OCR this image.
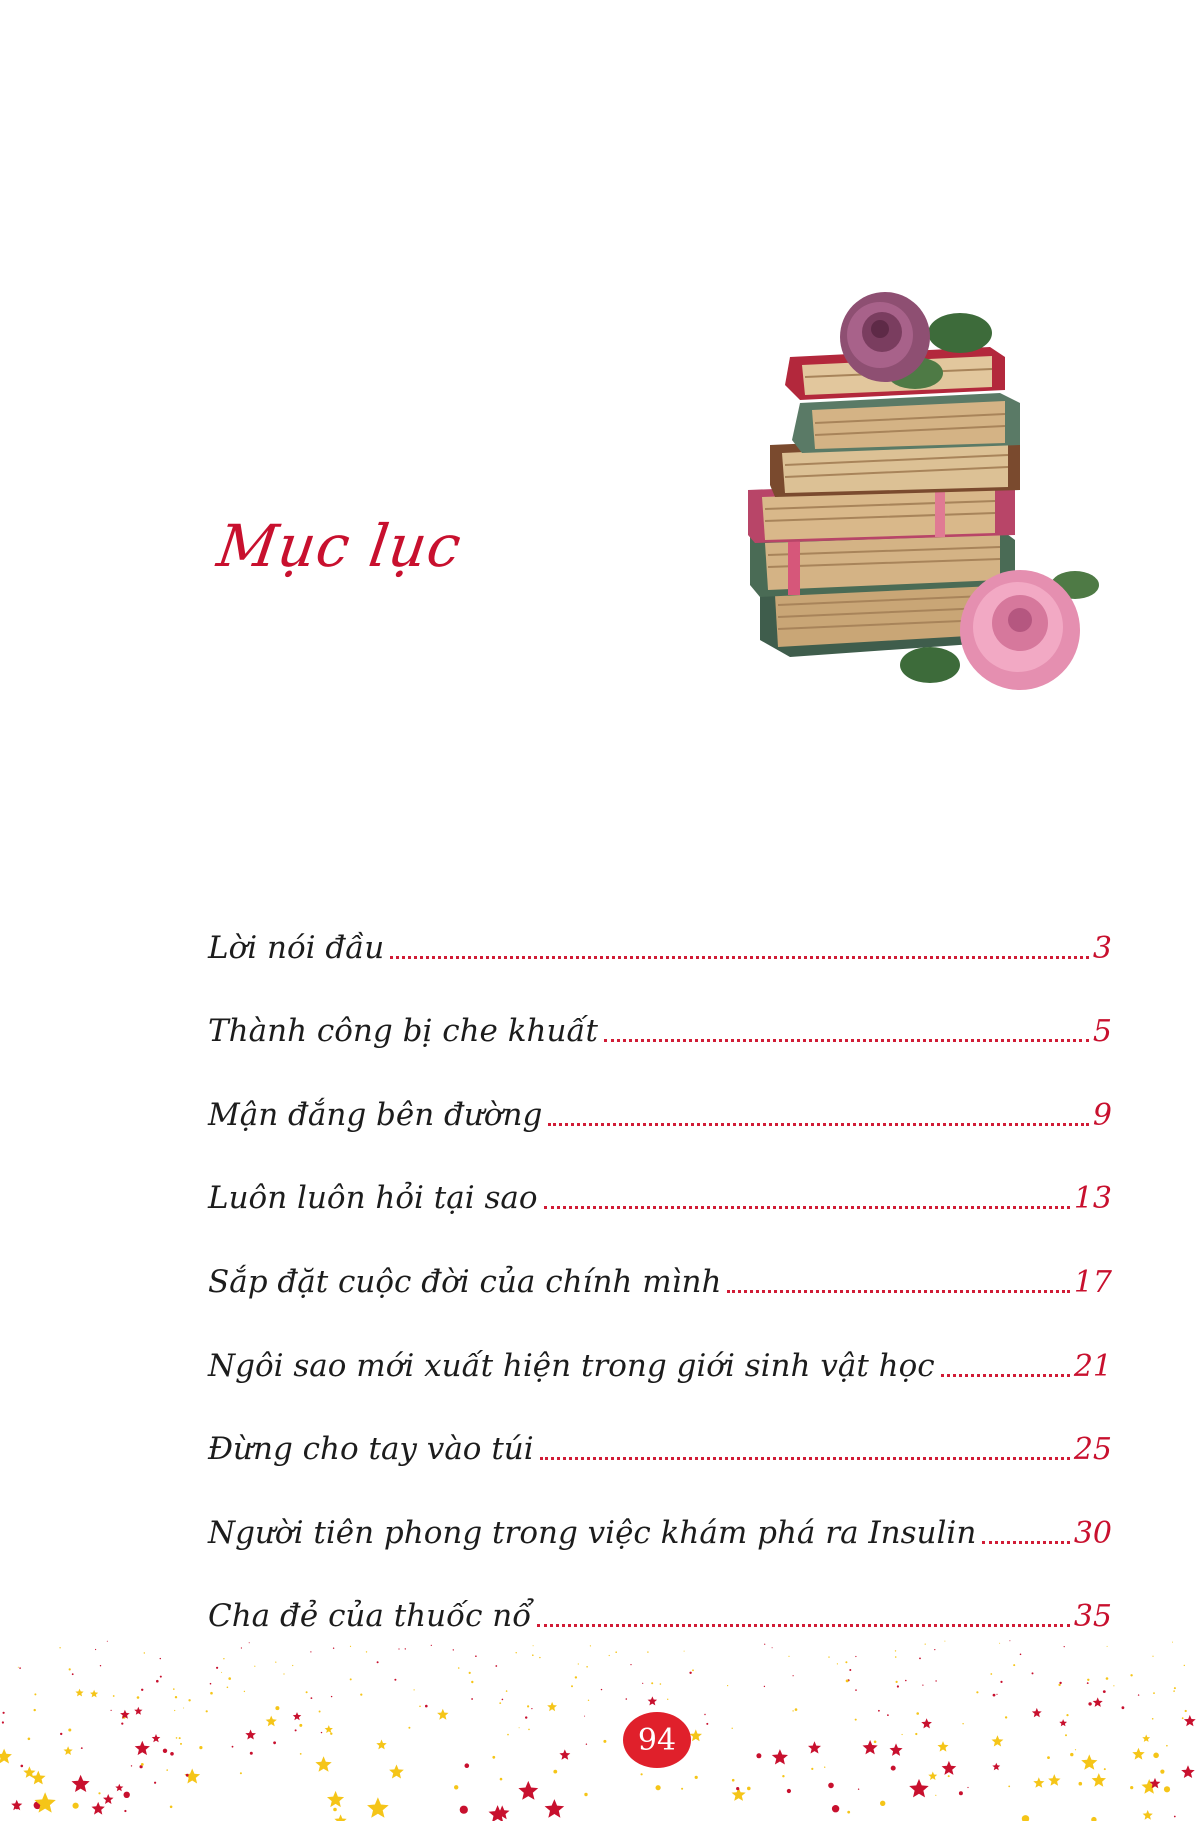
Mục lục
Lời nói đầu	3
Thành công bị che khuất	5
Mận đắng bên đường	9
Luôn luôn hỏi tại sao	13
Sắp đặt cuộc đời của chính mình	17
Ngôi sao mới xuất hiện trong giới sinh vật học	21
Đừng cho tay vào túi	25
Người tiên phong trong việc khám phá ra Insulin	30
Cha đẻ của thuốc nổ	35
94
